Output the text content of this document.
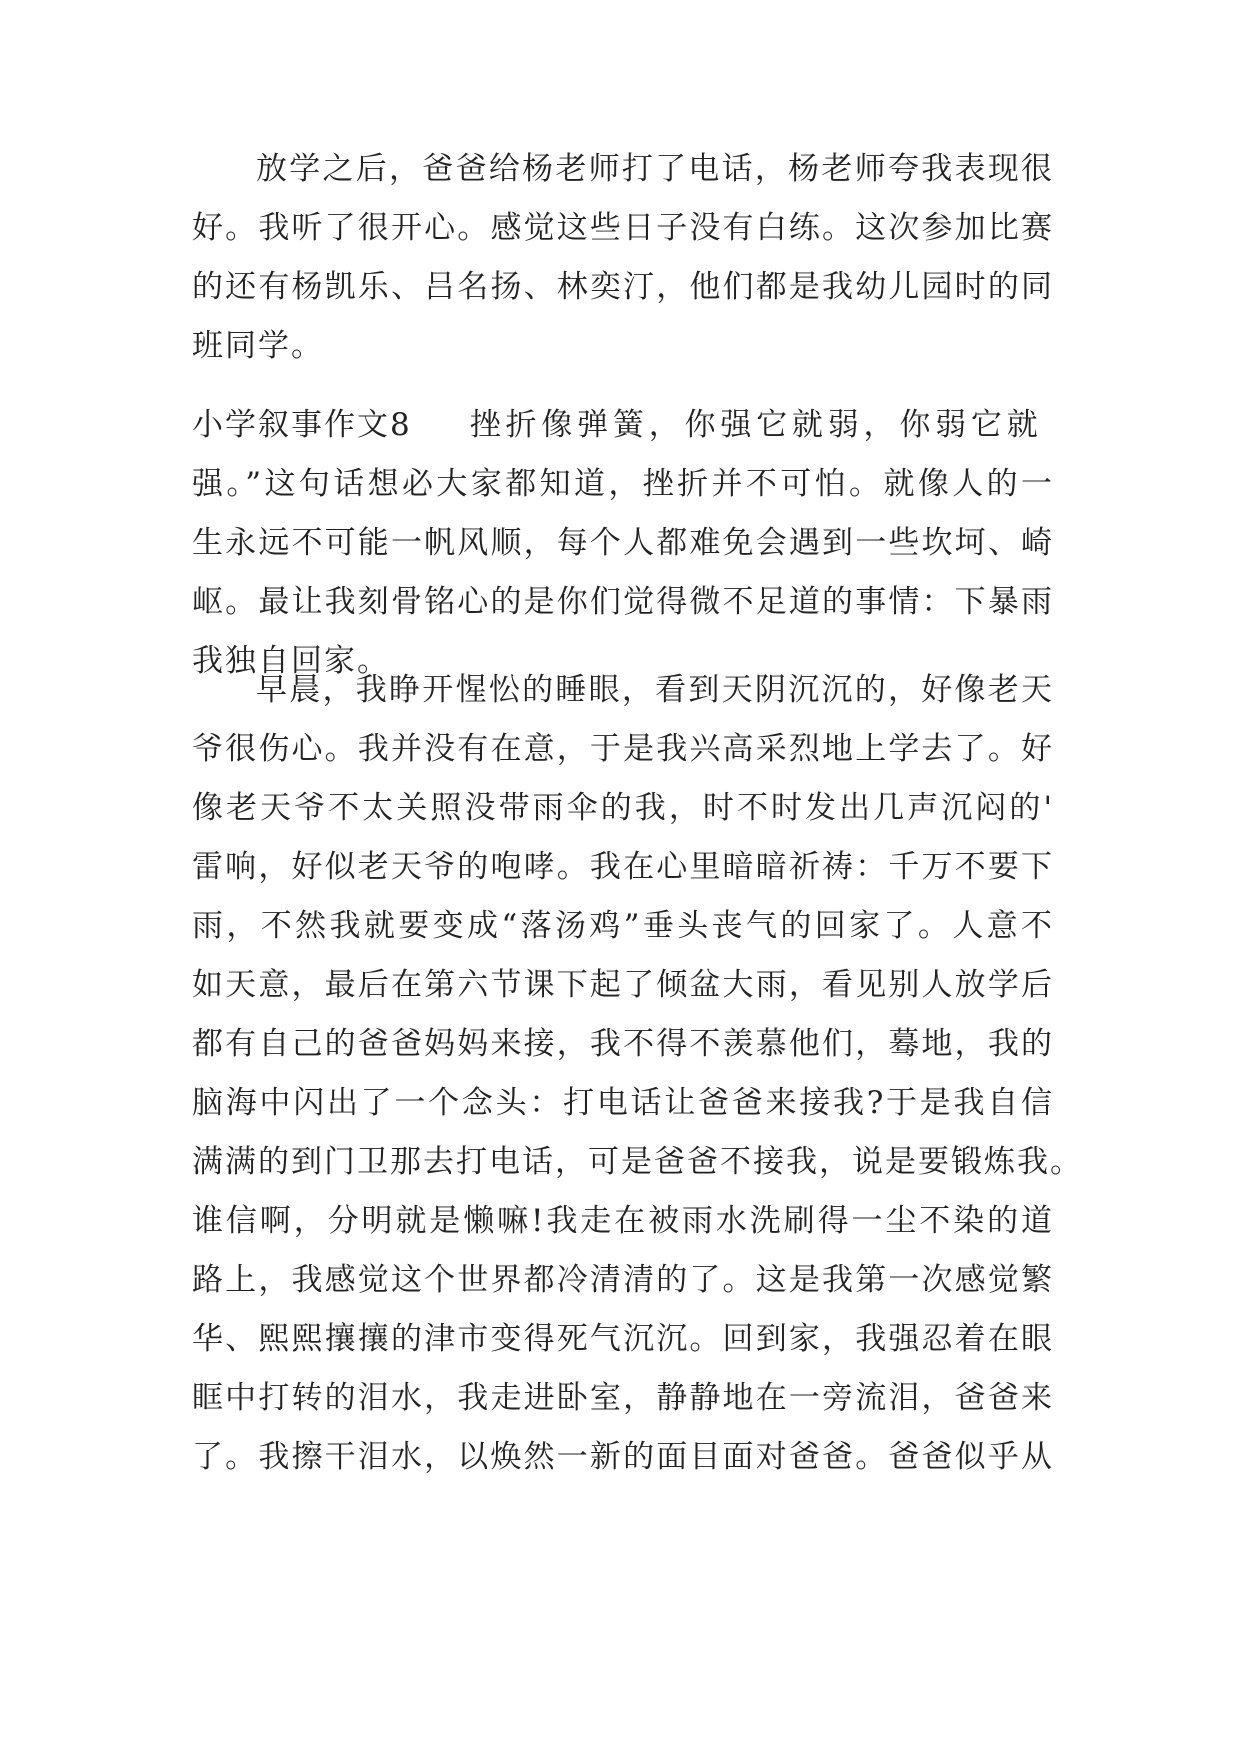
放学之后，爸爸给杨老师打了电话，杨老师夸我表现很
好。我听了很开心。感觉这些日子没有白练。这次参加比赛
的还有杨凯乐、吕名扬、林奕汀，他们都是我幼儿园时的同
班同学。
小学叙事作文8 挫折像弹簧，你强它就弱，你弱它就
强。”这句话想必大家都知道，挫折并不可怕。就像人的一
生永远不可能一帆风顺，每个人都难免会遇到一些坎坷、崎
岖。最让我刻骨铭心的是你们觉得微不足道的事情：下暴雨
我独自回家。
早晨，我睁开惺忪的睡眼，看到天阴沉沉的，好像老天
爷很伤心。我并没有在意，于是我兴高采烈地上学去了。好
像老天爷不太关照没带雨伞的我，时不时发出几声沉闷的'
雷响，好似老天爷的咆哮。我在心里暗暗祈祷：千万不要下
雨，不然我就要变成“落汤鸡”垂头丧气的回家了。人意不
如天意，最后在第六节课下起了倾盆大雨，看见别人放学后
都有自己的爸爸妈妈来接，我不得不羡慕他们，蓦地，我的
脑海中闪出了一个念头：打电话让爸爸来接我?于是我自信
满满的到门卫那去打电话，可是爸爸不接我，说是要锻炼我。
谁信啊，分明就是懒嘛!我走在被雨水洗刷得一尘不染的道
路上，我感觉这个世界都冷清清的了。这是我第一次感觉繁
华、熙熙攘攘的津市变得死气沉沉。回到家，我强忍着在眼
眶中打转的泪水，我走进卧室，静静地在一旁流泪，爸爸来
了。我擦干泪水，以焕然一新的面目面对爸爸。爸爸似乎从
